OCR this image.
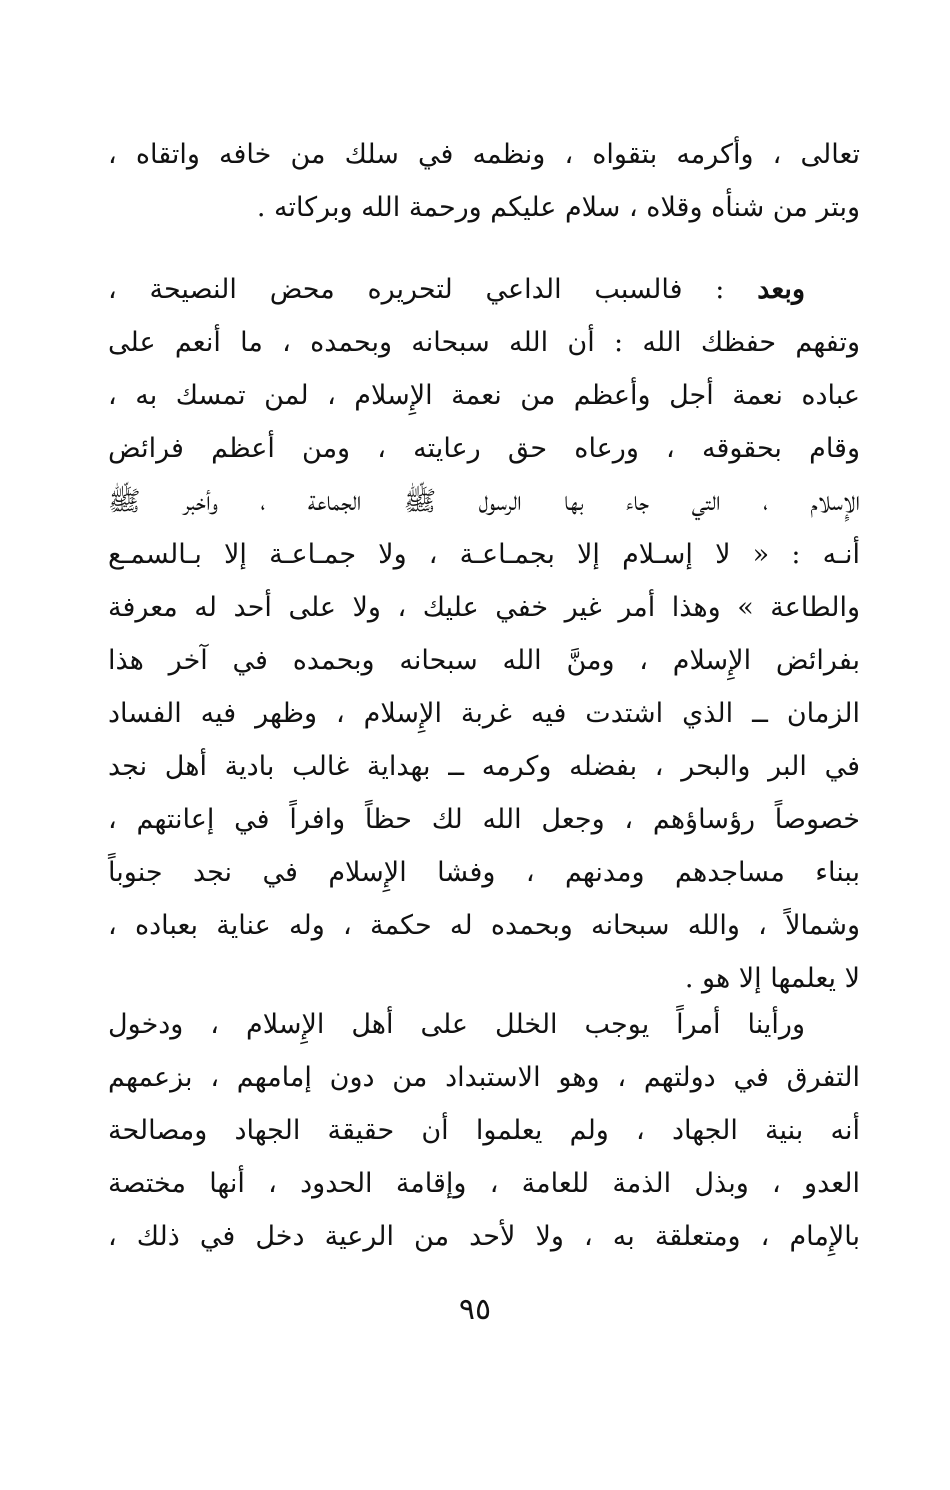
تعالى ، وأكرمه بتقواه ، ونظمه في سلك من خافه واتقاه ،
وبتر من شنأه وقلاه ، سلام عليكم ورحمة الله وبركاته .
وبعد : فالسبب الداعي لتحريره محض النصيحة ،
وتفهم حفظك الله : أن الله سبحانه وبحمده ، ما أنعم على
عباده نعمة أجل وأعظم من نعمة الإِسلام ، لمن تمسك به ،
وقام بحقوقه ، ورعاه حق رعايته ، ومن أعظم فرائض
الإِسلام ، التي جاء بها الرسول ﷺ الجماعة ، وأخبر ﷺ
أنـه : « لا إسـلام إلا بجمـاعـة ، ولا جمـاعـة إلا بـالسمـع
والطاعة » وهذا أمر غير خفي عليك ، ولا على أحد له معرفة
بفرائض الإِسلام ، ومنَّ الله سبحانه وبحمده في آخر هذا
الزمان ــ الذي اشتدت فيه غربة الإِسلام ، وظهر فيه الفساد
في البر والبحر ، بفضله وكرمه ــ بهداية غالب بادية أهل نجد
خصوصاً رؤساؤهم ، وجعل الله لك حظاً وافراً في إعانتهم ،
ببناء مساجدهم ومدنهم ، وفشا الإِسلام في نجد جنوباً
وشمالاً ، والله سبحانه وبحمده له حكمة ، وله عناية بعباده ،
لا يعلمها إلا هو .
ورأينا أمراً يوجب الخلل على أهل الإِسلام ، ودخول
التفرق في دولتهم ، وهو الاستبداد من دون إمامهم ، بزعمهم
أنه بنية الجهاد ، ولم يعلموا أن حقيقة الجهاد ومصالحة
العدو ، وبذل الذمة للعامة ، وإقامة الحدود ، أنها مختصة
بالإِمام ، ومتعلقة به ، ولا لأحد من الرعية دخل في ذلك ،
٩٥
